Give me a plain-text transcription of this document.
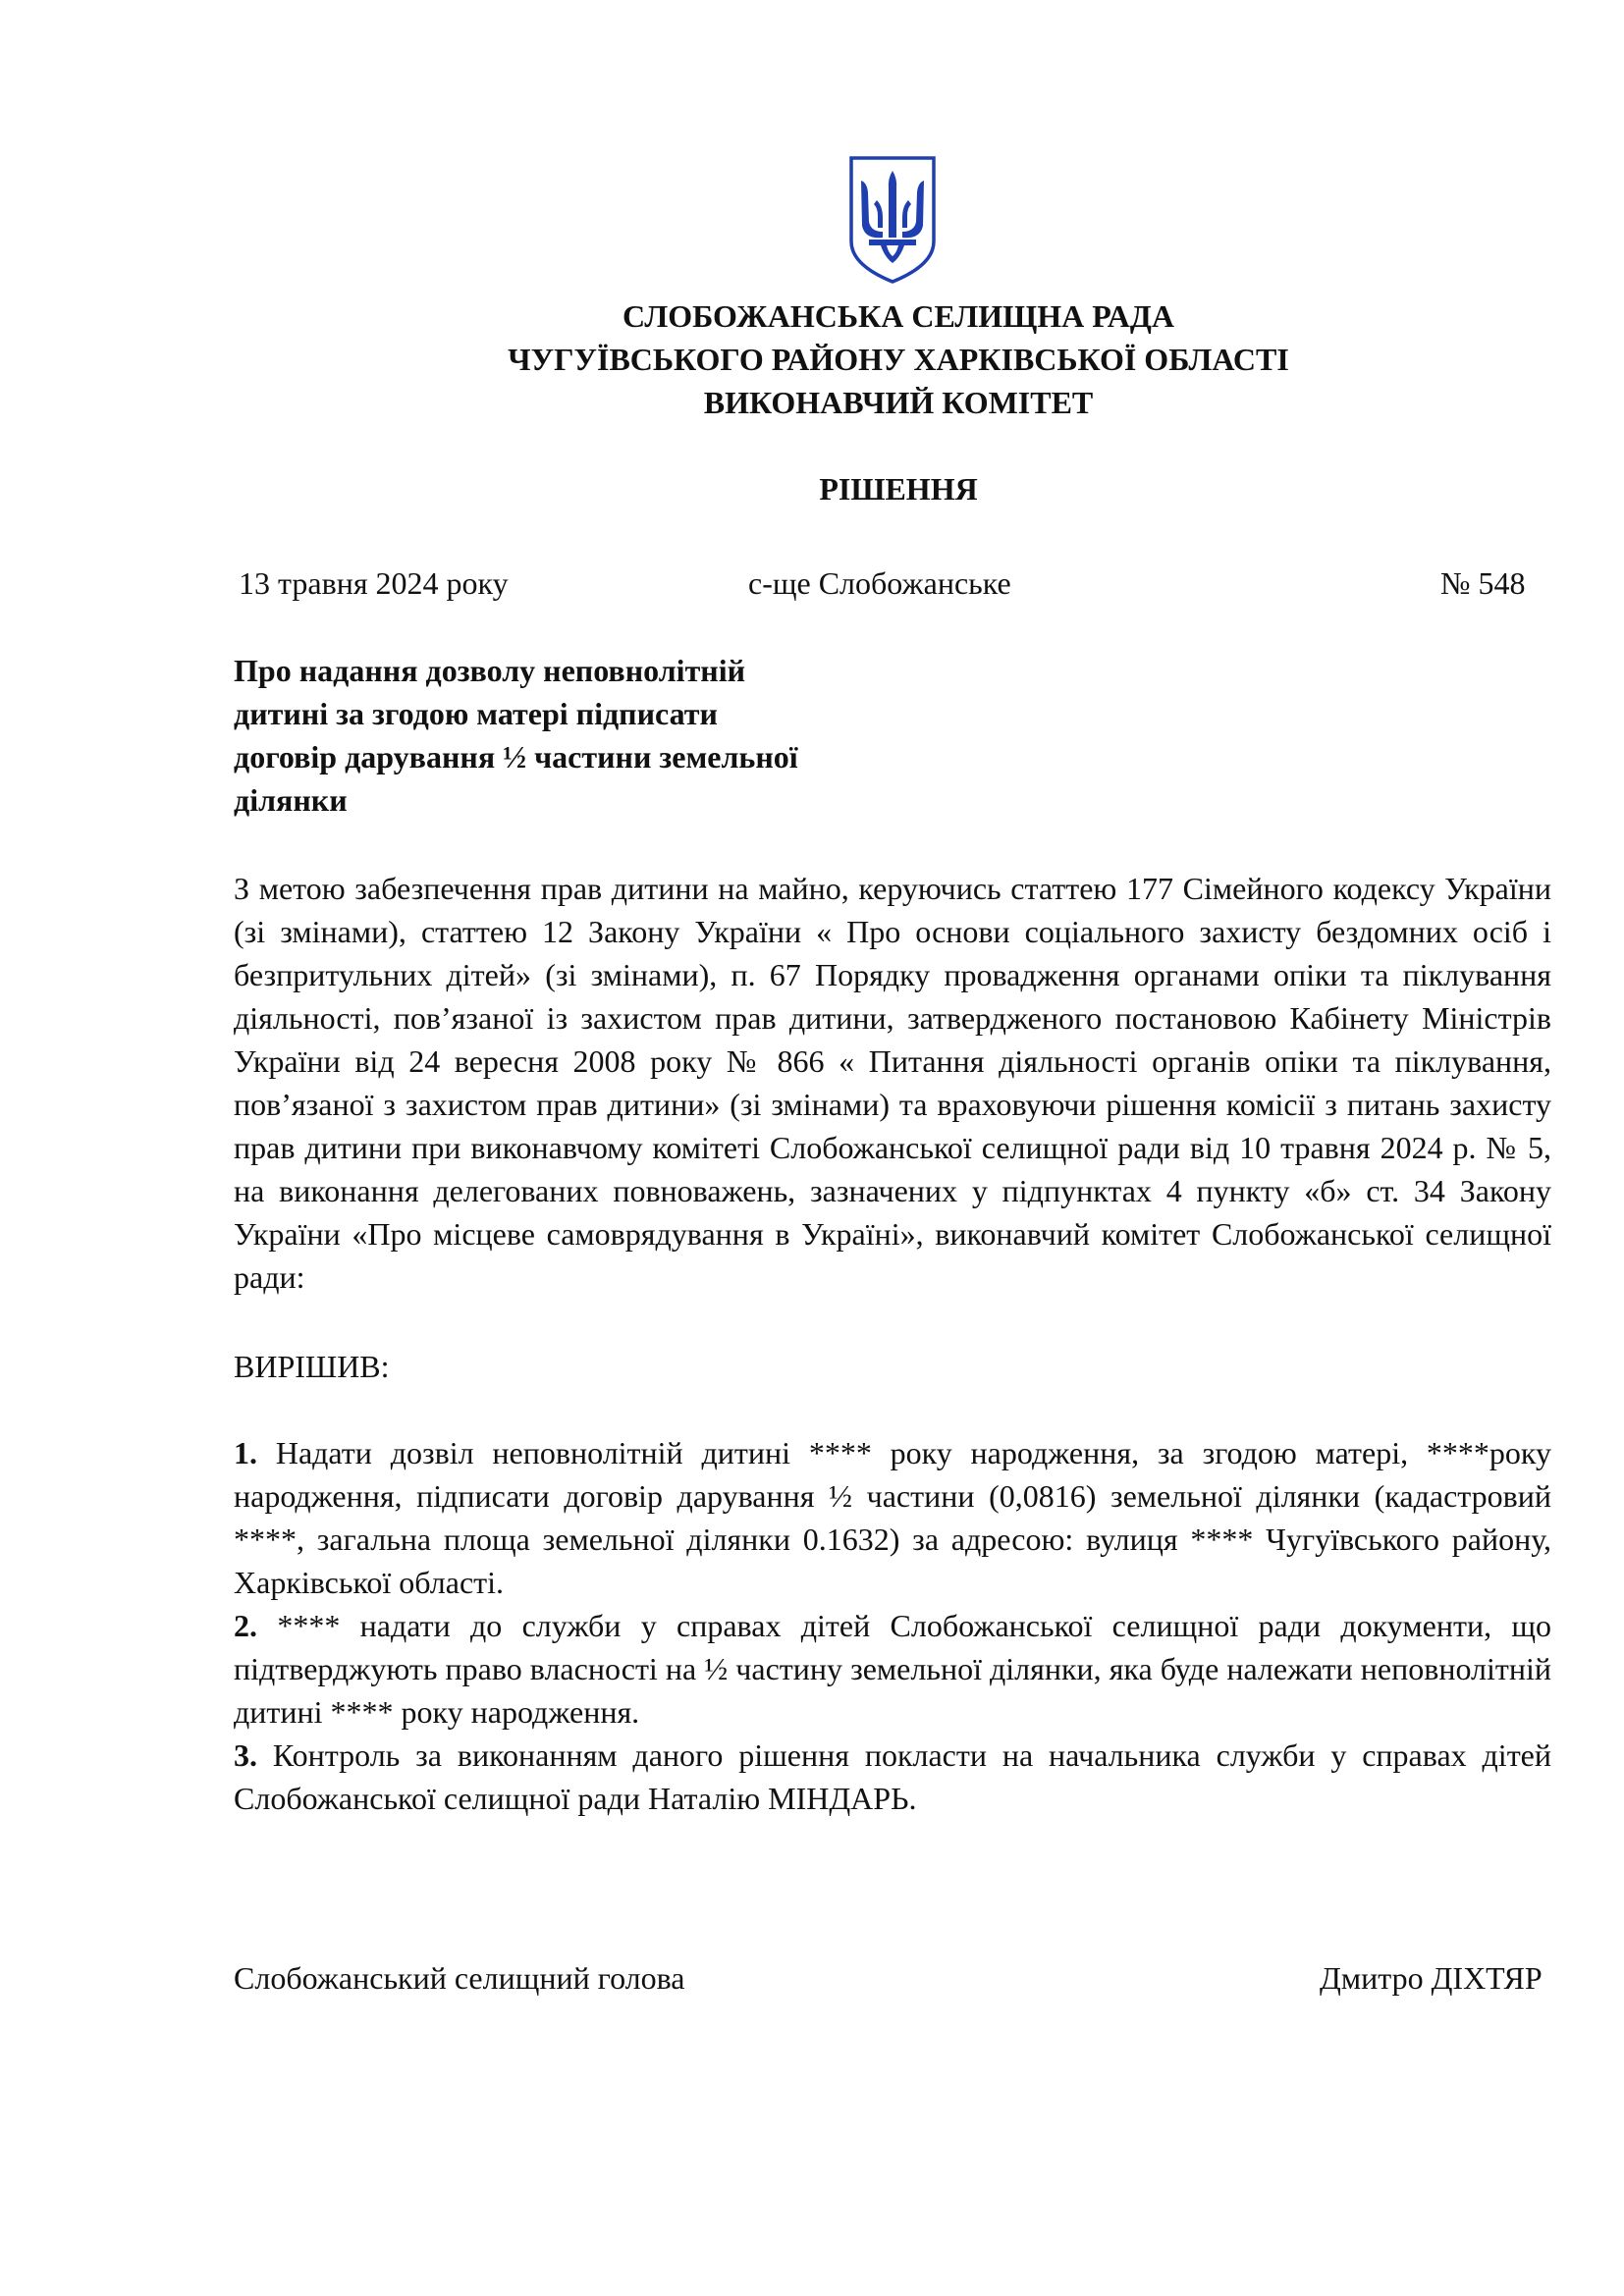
СЛОБОЖАНСЬКА СЕЛИЩНА РАДА
ЧУГУЇВСЬКОГО РАЙОНУ ХАРКІВСЬКОЇ ОБЛАСТІ
ВИКОНАВЧИЙ КОМІТЕТ
РІШЕННЯ
13 травня 2024 року	с-ще Слобожанське	№ 548
Про надання дозволу неповнолітній
дитині за згодою матері підписати
договір дарування ½ частини земельної
ділянки
З метою забезпечення прав дитини на майно, керуючись статтею 177 Сімейного кодексу України (зі змінами), статтею 12 Закону України « Про основи соціального захисту бездомних осіб і безпритульних дітей» (зі змінами), п. 67 Порядку провадження органами опіки та піклування діяльності, пов’язаної із захистом прав дитини, затвердженого постановою Кабінету Міністрів України від 24 вересня 2008 року № 866 « Питання діяльності органів опіки та піклування, пов’язаної з захистом прав дитини» (зі змінами) та враховуючи рішення комісії з питань захисту прав дитини при виконавчому комітеті Слобожанської селищної ради від 10 травня 2024 р. № 5, на виконання делегованих повноважень, зазначених у підпунктах 4 пункту «б» ст. 34 Закону України «Про місцеве самоврядування в Україні», виконавчий комітет Слобожанської селищної ради:
ВИРІШИВ:

1. Надати дозвіл неповнолітній дитині **** року народження, за згодою матері, ****року народження, підписати договір дарування ½ частини (0,0816) земельної ділянки (кадастровий ****, загальна площа земельної ділянки 0.1632) за адресою: вулиця **** Чугуївського району, Харківської області.

2. **** надати до служби у справах дітей Слобожанської селищної ради документи, що підтверджують право власності на ½ частину земельної ділянки, яка буде належати неповнолітній дитині **** року народження.

3. Контроль за виконанням даного рішення покласти на начальника служби у справах дітей Слобожанської селищної ради Наталію МІНДАРЬ.

Слобожанський селищний голова	Дмитро ДІХТЯР
